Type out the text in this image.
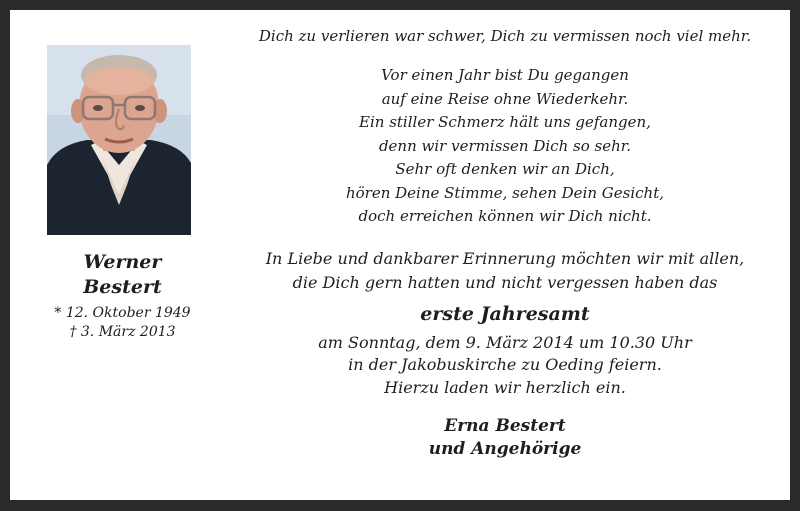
Werner
Bestert
* 12. Oktober 1949
† 3. März 2013
Dich zu verlieren war schwer, Dich zu vermissen noch viel mehr.
Vor einen Jahr bist Du gegangen
auf eine Reise ohne Wiederkehr.
Ein stiller Schmerz hält uns gefangen,
denn wir vermissen Dich so sehr.
Sehr oft denken wir an Dich,
hören Deine Stimme, sehen Dein Gesicht,
doch erreichen können wir Dich nicht.
In Liebe und dankbarer Erinnerung möchten wir mit allen,
die Dich gern hatten und nicht vergessen haben das
erste Jahresamt
am Sonntag, dem 9. März 2014 um 10.30 Uhr
in der Jakobuskirche zu Oeding feiern.
Hierzu laden wir herzlich ein.
Erna Bestert
und Angehörige
